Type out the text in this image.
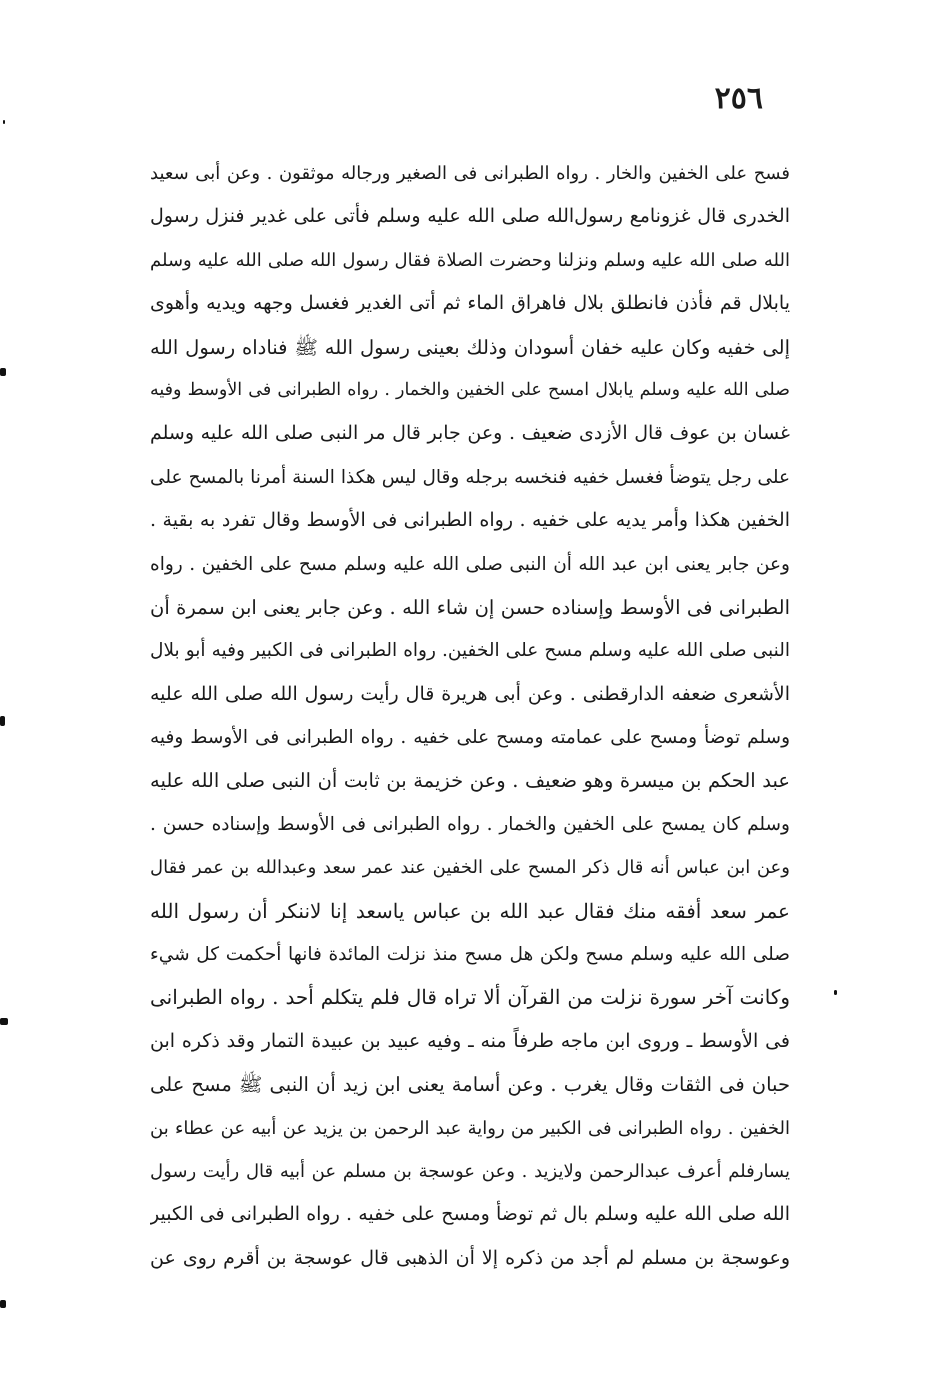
٢٥٦
فسح على الخفين والخار . رواه الطبرانى فى الصغير ورجاله موثقون . وعن أبى سعيد
الخدرى قال غزونامع رسول‌الله صلى الله عليه وسلم فأتى على غدير فنزل رسول
الله صلى الله عليه وسلم ونزلنا وحضرت الصلاة فقال رسول الله صلى الله عليه وسلم
يابلال قم فأذن فانطلق بلال فاهراق الماء ثم أتى الغدير فغسل وجهه ويديه وأهوى
إلى خفيه وكان عليه خفان أسودان وذلك بعينى رسول الله ﷺ فناداه رسول الله
صلى الله عليه وسلم يابلال امسح على الخفين والخمار . رواه الطبرانى فى الأوسط وفيه
غسان بن عوف قال الأزدى ضعيف . وعن جابر قال مر النبى صلى الله عليه وسلم
على رجل يتوضأ فغسل خفيه فنخسه برجله وقال ليس هكذا السنة أمرنا بالمسح على
الخفين هكذا وأمر يديه على خفيه . رواه الطبرانى فى الأوسط وقال تفرد به بقية .
وعن جابر يعنى ابن عبد الله أن النبى صلى الله عليه وسلم مسح على الخفين . رواه
الطبرانى فى الأوسط وإسناده حسن إن شاء الله . وعن جابر يعنى ابن سمرة أن
النبى صلى الله عليه وسلم مسح على الخفين. رواه الطبرانى فى الكبير وفيه أبو بلال
الأشعرى ضعفه الدارقطنى . وعن أبى هريرة قال رأيت رسول الله صلى الله عليه
وسلم توضأ ومسح على عمامته ومسح على خفيه . رواه الطبرانى فى الأوسط وفيه
عبد الحكم بن ميسرة وهو ضعيف . وعن خزيمة بن ثابت أن النبى صلى الله عليه
وسلم كان يمسح على الخفين والخمار . رواه الطبرانى فى الأوسط وإسناده حسن .
وعن ابن عباس أنه قال ذكر المسح على الخفين عند عمر سعد وعبدالله بن عمر فقال
عمر سعد أفقه منك فقال عبد الله بن عباس ياسعد إنا لاننكر أن رسول الله
صلى الله عليه وسلم مسح ولكن هل مسح منذ نزلت المائدة فانها أحكمت كل شيء
وكانت آخر سورة نزلت من القرآن ألا تراه قال فلم يتكلم أحد . رواه الطبرانى
فى الأوسط ـ وروى ابن ماجه طرفاً منه ـ وفيه عبيد بن عبيدة التمار وقد ذكره ابن
حبان فى الثقات وقال يغرب . وعن أسامة يعنى ابن زيد أن النبى ﷺ مسح على
الخفين . رواه الطبرانى فى الكبير من رواية عبد الرحمن بن يزيد عن أبيه عن عطاء بن
يسارفلم أعرف عبدالرحمن ولايزيد . وعن عوسجة بن مسلم عن أبيه قال رأيت رسول
الله صلى الله عليه وسلم بال ثم توضأ ومسح على خفيه . رواه الطبرانى فى الكبير
وعوسجة بن مسلم لم أجد من ذكره إلا أن الذهبى قال عوسجة بن أقرم روى عن
